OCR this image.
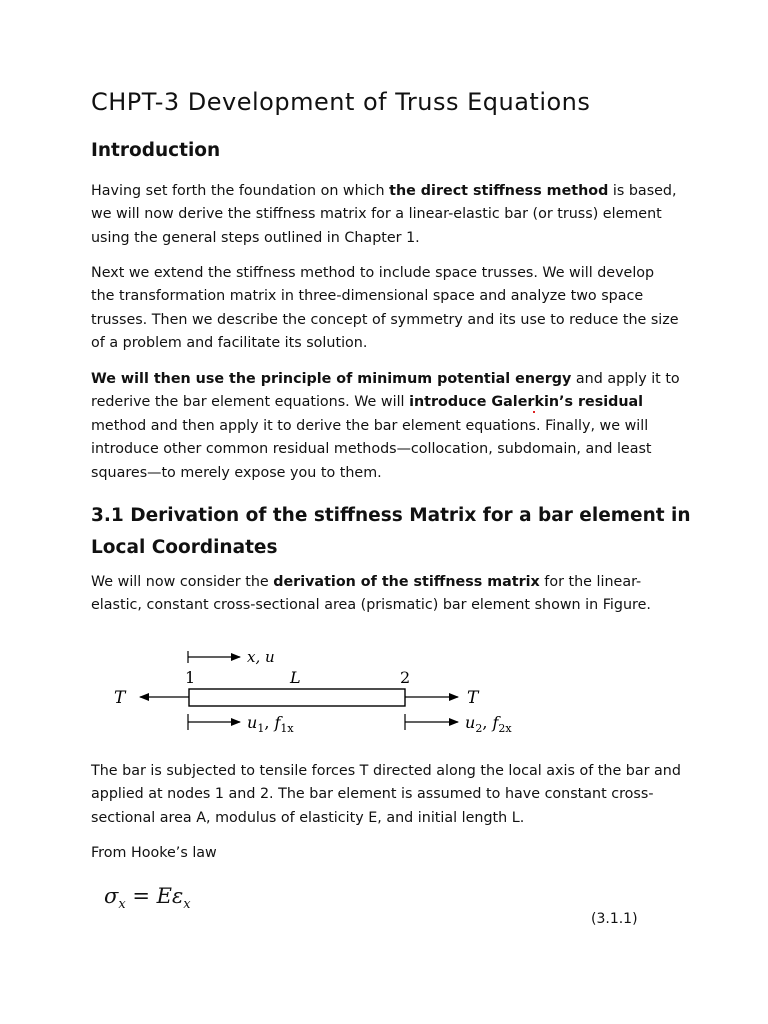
CHPT-3 Development of Truss Equations
Introduction

Having set forth the foundation on which the direct stiffness method is based, we will now derive the stiffness matrix for a linear-elastic bar (or truss) element using the general steps outlined in Chapter 1.

Next we extend the stiffness method to include space trusses. We will develop the transformation matrix in three-dimensional space and analyze two space trusses. Then we describe the concept of symmetry and its use to reduce the size of a problem and facilitate its solution.

We will then use the principle of minimum potential energy and apply it to rederive the bar element equations. We will introduce Galerkin’s residual method and then apply it to derive the bar element equations. Finally, we will introduce other common residual methods—collocation, subdomain, and least squares—to merely expose you to them.

3.1 Derivation of the stiffness Matrix for a bar element in Local Coordinates

We will now consider the derivation of the stiffness matrix for the linear-elastic, constant cross-sectional area (prismatic) bar element shown in Figure.

x, u
1	2
L
T	T
$u_1$, $f_{1x}$	$u_2$, $f_{2x}$

The bar is subjected to tensile forces T directed along the local axis of the bar and applied at nodes 1 and 2. The bar element is assumed to have constant cross-sectional area A, modulus of elasticity E, and initial length L.

From Hooke’s law

$\sigma_x = E\varepsilon_x$
(3.1.1)
